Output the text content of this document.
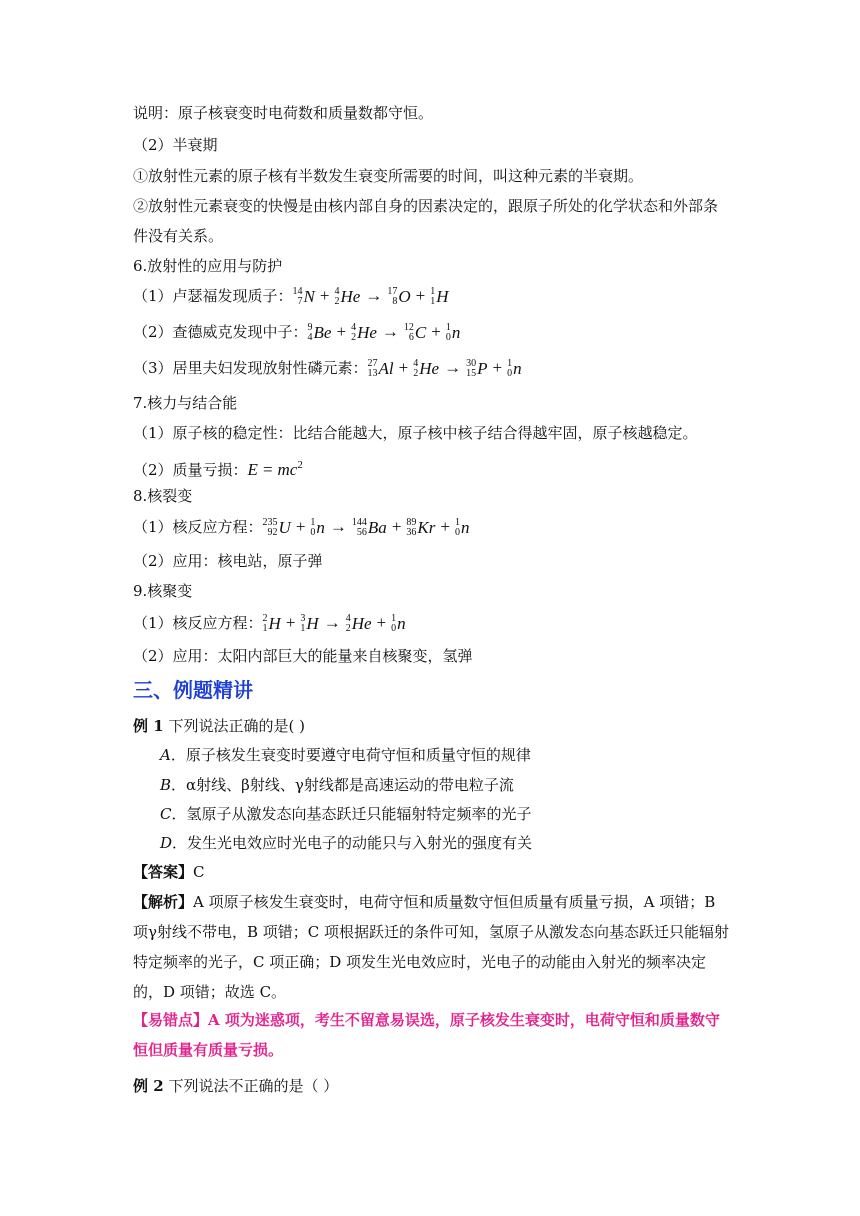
说明：原子核衰变时电荷数和质量数都守恒。
（2）半衰期
①放射性元素的原子核有半数发生衰变所需要的时间，叫这种元素的半衰期。
②放射性元素衰变的快慢是由核内部自身的因素决定的，跟原子所处的化学状态和外部条
件没有关系。
6.放射性的应用与防护
（1）卢瑟福发现质子： 14
7 N + 4
2 He → 17
8 O + 1
1 H
（2）查德威克发现中子： 9
4 Be + 4
2 He → 12
6 C + 1
0 n
（3）居里夫妇发现放射性磷元素： 27
13 Al + 4
2 He → 30
15 P + 1
0 n
7.核力与结合能
（1）原子核的稳定性：比结合能越大，原子核中核子结合得越牢固，原子核越稳定。
（2）质量亏损：$E = mc^2$
8.核裂变
（1）核反应方程： 235
92 U + 1
0 n → 144
56 Ba + 89
36 Kr + 1
0 n
（2）应用：核电站，原子弹
9.核聚变
（1）核反应方程： 2
1 H + 3
1 H → 4
2 He + 1
0 n
（2）应用：太阳内部巨大的能量来自核聚变，氢弹
三、例题精讲
例 1 下列说法正确的是( )
A．原子核发生衰变时要遵守电荷守恒和质量守恒的规律
B．α射线、β射线、γ射线都是高速运动的带电粒子流
C．氢原子从激发态向基态跃迁只能辐射特定频率的光子
D．发生光电效应时光电子的动能只与入射光的强度有关
【答案】C
【解析】A 项原子核发生衰变时，电荷守恒和质量数守恒但质量有质量亏损，A 项错；B 项γ射线不带电，B 项错；C 项根据跃迁的条件可知，氢原子从激发态向基态跃迁只能辐射特定频率的光子，C 项正确；D 项发生光电效应时，光电子的动能由入射光的频率决定的，D 项错；故选 C。
【易错点】A 项为迷惑项，考生不留意易误选，原子核发生衰变时，电荷守恒和质量数守恒但质量有质量亏损。
例 2 下列说法不正确的是（ ）
